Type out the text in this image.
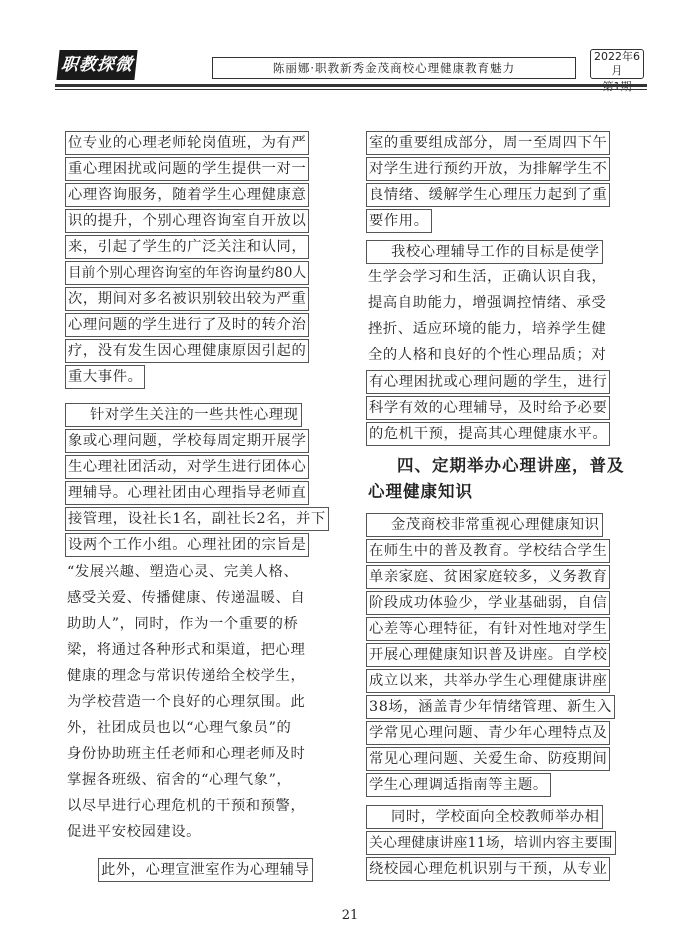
职教探微	陈丽娜·职教新秀金茂商校心理健康教育魅力
2022年6月
位专业的心理老师轮岗值班，为有严
重心理困扰或问题的学生提供一对一
心理咨询服务，随着学生心理健康意
识的提升，个别心理咨询室自开放以
来，引起了学生的广泛关注和认同，
目前个别心理咨询室的年咨询量约80人
次，期间对多名被识别较出较为严重
心理问题的学生进行了及时的转介治
疗，没有发生因心理健康原因引起的
重大事件。
针对学生关注的一些共性心理现
象或心理问题，学校每周定期开展学
生心理社团活动，对学生进行团体心
理辅导。心理社团由心理指导老师直
接管理，设社长1名，副社长2名，并下
设两个工作小组。心理社团的宗旨是
“发展兴趣、塑造心灵、完美人格、
感受关爱、传播健康、传递温暖、自
助助人”，同时，作为一个重要的桥
梁，将通过各种形式和渠道，把心理
健康的理念与常识传递给全校学生，
为学校营造一个良好的心理氛围。此
外，社团成员也以“心理气象员”的
身份协助班主任老师和心理老师及时
掌握各班级、宿舍的“心理气象”，
以尽早进行心理危机的干预和预警，
促进平安校园建设。
此外，心理宣泄室作为心理辅导
室的重要组成部分，周一至周四下午
对学生进行预约开放，为排解学生不
良情绪、缓解学生心理压力起到了重
要作用。
我校心理辅导工作的目标是使学
生学会学习和生活，正确认识自我，
提高自助能力，增强调控情绪、承受
挫折、适应环境的能力，培养学生健
全的人格和良好的个性心理品质；对
有心理困扰或心理问题的学生，进行
科学有效的心理辅导，及时给予必要
的危机干预，提高其心理健康水平。
四、定期举办心理讲座，普及
心理健康知识
金茂商校非常重视心理健康知识
在师生中的普及教育。学校结合学生
单亲家庭、贫困家庭较多，义务教育
阶段成功体验少，学业基础弱，自信
心差等心理特征，有针对性地对学生
开展心理健康知识普及讲座。自学校
成立以来，共举办学生心理健康讲座
38场，涵盖青少年情绪管理、新生入
学常见心理问题、青少年心理特点及
常见心理问题、关爱生命、防疫期间
学生心理调适指南等主题。
同时，学校面向全校教师举办相
关心理健康讲座11场，培训内容主要围
绕校园心理危机识别与干预，从专业
21
